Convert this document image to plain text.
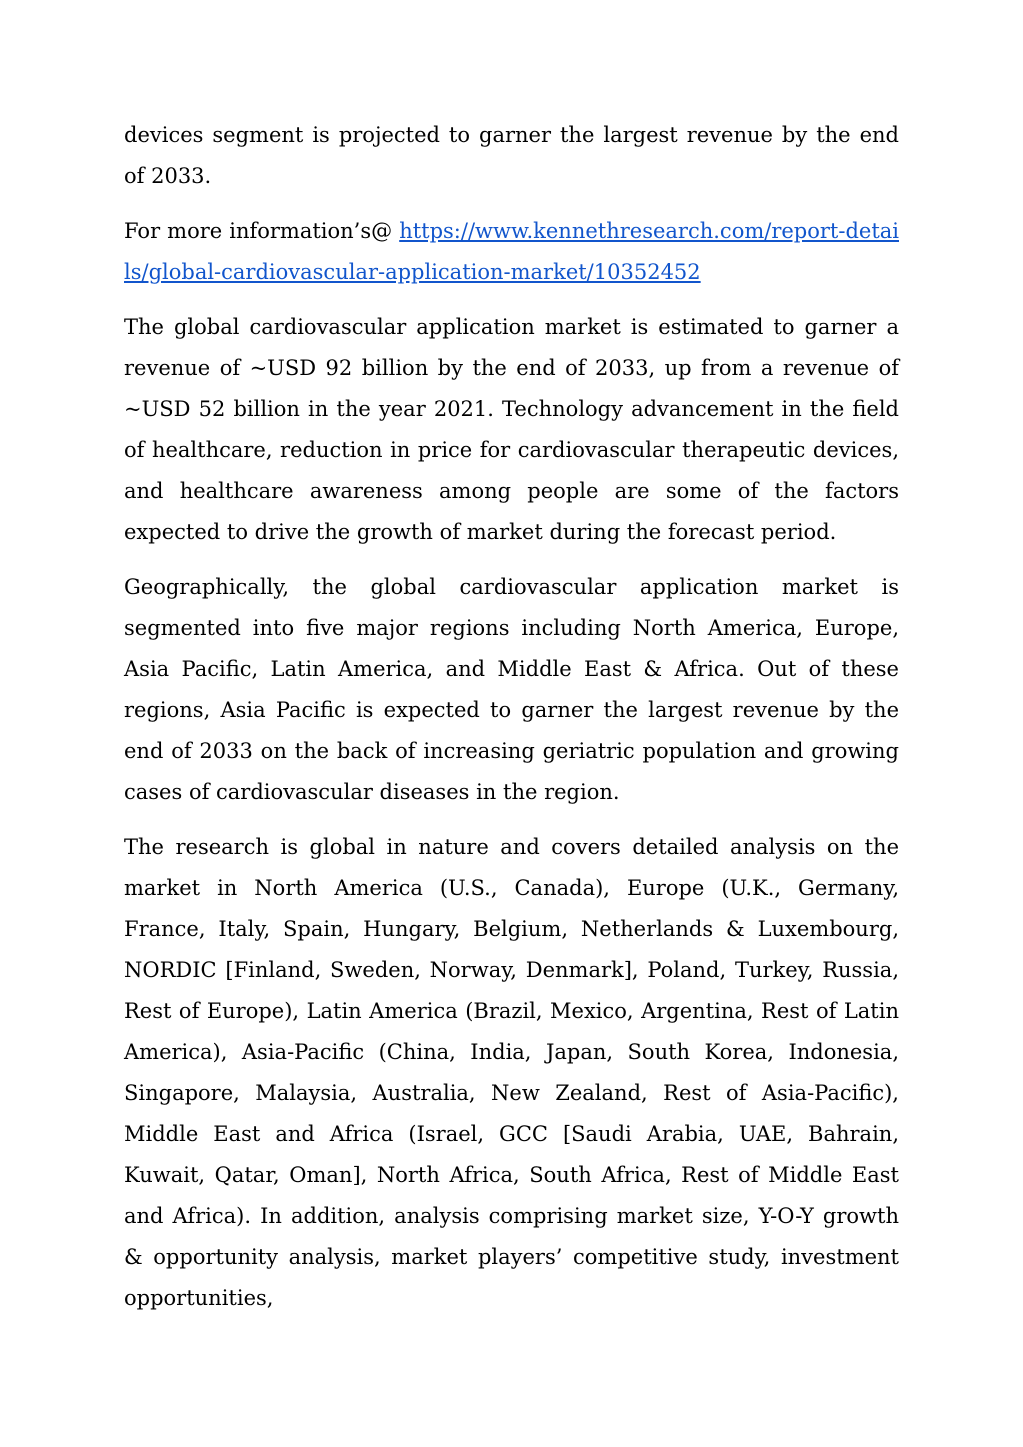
devices segment is projected to garner the largest revenue by the end of 2033.

For more information’s@ https://www.kennethresearch.com/report-details/global-cardiovascular-application-market/10352452

The global cardiovascular application market is estimated to garner a revenue of ~USD 92 billion by the end of 2033, up from a revenue of ~USD 52 billion in the year 2021. Technology advancement in the field of healthcare, reduction in price for cardiovascular therapeutic devices, and healthcare awareness among people are some of the factors expected to drive the growth of market during the forecast period.

Geographically, the global cardiovascular application market is segmented into five major regions including North America, Europe, Asia Pacific, Latin America, and Middle East & Africa. Out of these regions, Asia Pacific is expected to garner the largest revenue by the end of 2033 on the back of increasing geriatric population and growing cases of cardiovascular diseases in the region.

The research is global in nature and covers detailed analysis on the market in North America (U.S., Canada), Europe (U.K., Germany, France, Italy, Spain, Hungary, Belgium, Netherlands & Luxembourg, NORDIC [Finland, Sweden, Norway, Denmark], Poland, Turkey, Russia, Rest of Europe), Latin America (Brazil, Mexico, Argentina, Rest of Latin America), Asia-Pacific (China, India, Japan, South Korea, Indonesia, Singapore, Malaysia, Australia, New Zealand, Rest of Asia-Pacific), Middle East and Africa (Israel, GCC [Saudi Arabia, UAE, Bahrain, Kuwait, Qatar, Oman], North Africa, South Africa, Rest of Middle East and Africa). In addition, analysis comprising market size, Y-O-Y growth & opportunity analysis, market players’ competitive study, investment opportunities,
